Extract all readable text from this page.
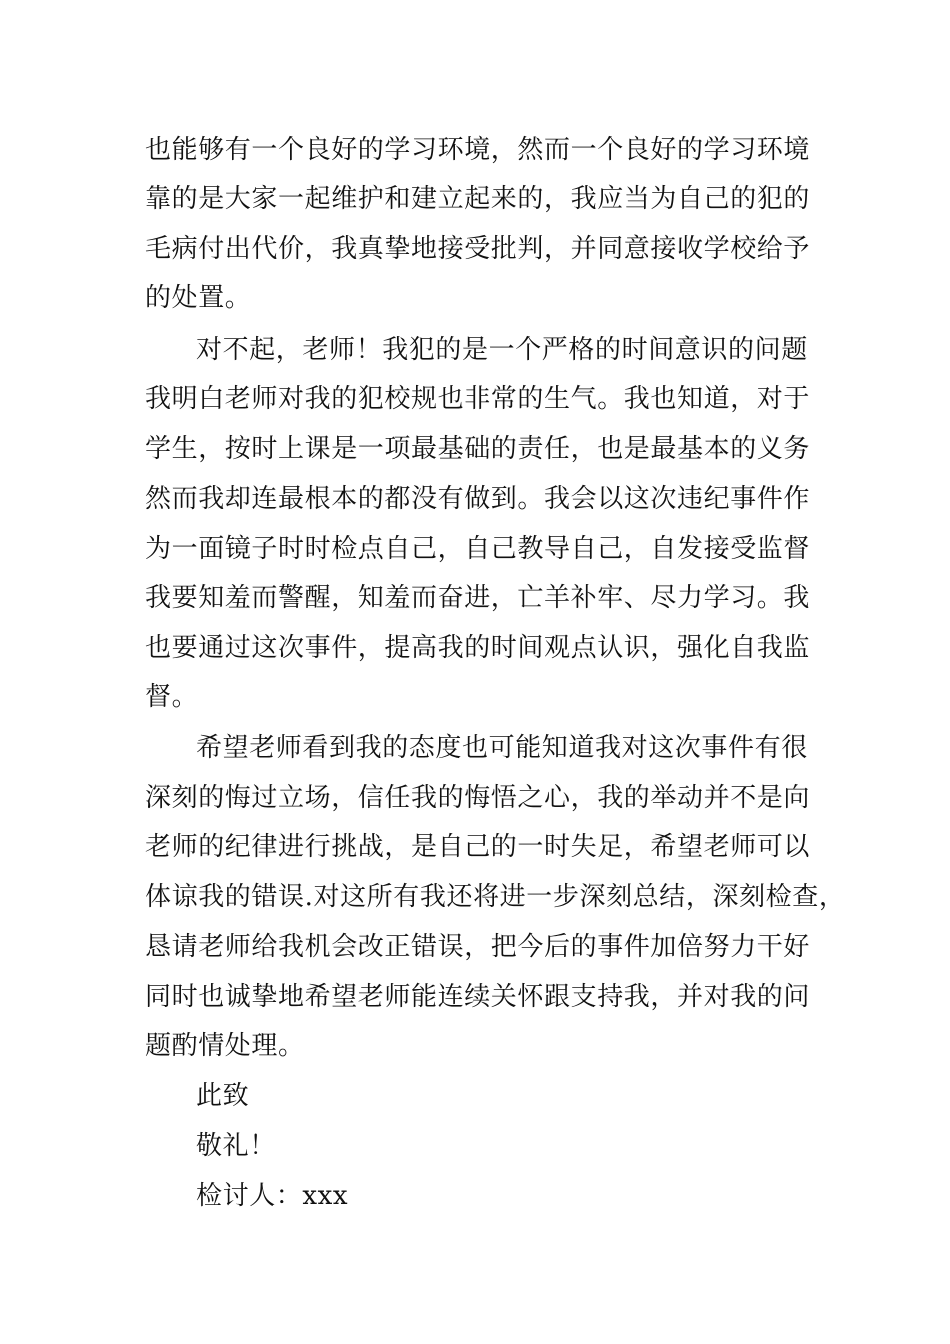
也能够有一个良好的学习环境，然而一个良好的学习环境
靠的是大家一起维护和建立起来的，我应当为自己的犯的
毛病付出代价，我真挚地接受批判，并同意接收学校给予
的处置。
对不起，老师！我犯的是一个严格的时间意识的问题
我明白老师对我的犯校规也非常的生气。我也知道，对于
学生，按时上课是一项最基础的责任，也是最基本的义务
然而我却连最根本的都没有做到。我会以这次违纪事件作
为一面镜子时时检点自己，自己教导自己，自发接受监督
我要知羞而警醒，知羞而奋进，亡羊补牢、尽力学习。我
也要通过这次事件，提高我的时间观点认识，强化自我监
督。
希望老师看到我的态度也可能知道我对这次事件有很
深刻的悔过立场，信任我的悔悟之心，我的举动并不是向
老师的纪律进行挑战，是自己的一时失足，希望老师可以
体谅我的错误.对这所有我还将进一步深刻总结，深刻检查，
恳请老师给我机会改正错误，把今后的事件加倍努力干好
同时也诚挚地希望老师能连续关怀跟支持我，并对我的问
题酌情处理。
此致
敬礼！
检讨人：xxx
